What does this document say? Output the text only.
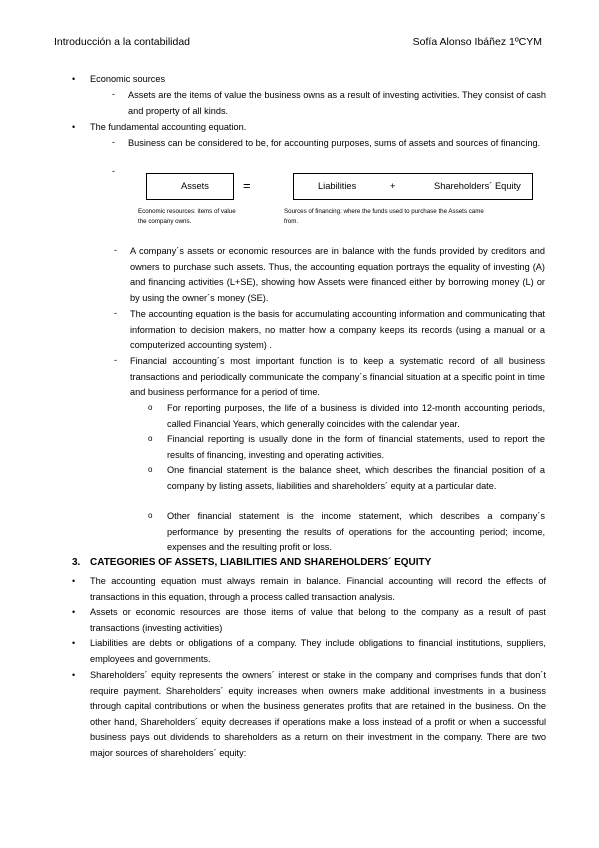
Introducción a la contabilidad	Sofía Alonso Ibáñez 1ºCYM
• Economic sources
- Assets are the items of value the business owns as a result of investing activities. They consist of cash and property of all kinds.
• The fundamental accounting equation.
- Business can be considered to be, for accounting purposes, sums of assets and sources of financing.
-
Assets	=	Liabilities	+	Shareholders´ Equity
Economic resources: items of value the company owns.
Sources of financing: where the funds used to purchase the Assets came from.
- A company´s assets or economic resources are in balance with the funds provided by creditors and owners to purchase such assets. Thus, the accounting equation portrays the equality of investing (A) and financing activities (L+SE), showing how Assets were financed either by borrowing money (L) or by using the owner´s money (SE).
- The accounting equation is the basis for accumulating accounting information and communicating that information to decision makers, no matter how a company keeps its records (using a manual or a computerized accounting system) .
- Financial accounting´s most important function is to keep a systematic record of all business transactions and periodically communicate the company´s financial situation at a specific point in time and business performance for a period of time.
o For reporting purposes, the life of a business is divided into 12-month accounting periods, called Financial Years, which generally coincides with the calendar year.
o Financial reporting is usually done in the form of financial statements, used to report the results of financing, investing and operating activities.
o One financial statement is the balance sheet, which describes the financial position of a company by listing assets, liabilities and shareholders´ equity at a particular date.
o Other financial statement is the income statement, which describes a company´s performance by presenting the results of operations for the accounting period; income, expenses and the resulting profit or loss.
3. CATEGORIES OF ASSETS, LIABILITIES AND SHAREHOLDERS´ EQUITY
• The accounting equation must always remain in balance. Financial accounting will record the effects of transactions in this equation, through a process called transaction analysis.
• Assets or economic resources are those items of value that belong to the company as a result of past transactions (investing activities)
• Liabilities are debts or obligations of a company. They include obligations to financial institutions, suppliers, employees and governments.
• Shareholders´ equity represents the owners´ interest or stake in the company and comprises funds that don´t require payment. Shareholders´ equity increases when owners make additional investments in a business through capital contributions or when the business generates profits that are retained in the business. On the other hand, Shareholders´ equity decreases if operations make a loss instead of a profit or when a successful business pays out dividends to shareholders as a return on their investment in the company. There are two major sources of shareholders´ equity:
